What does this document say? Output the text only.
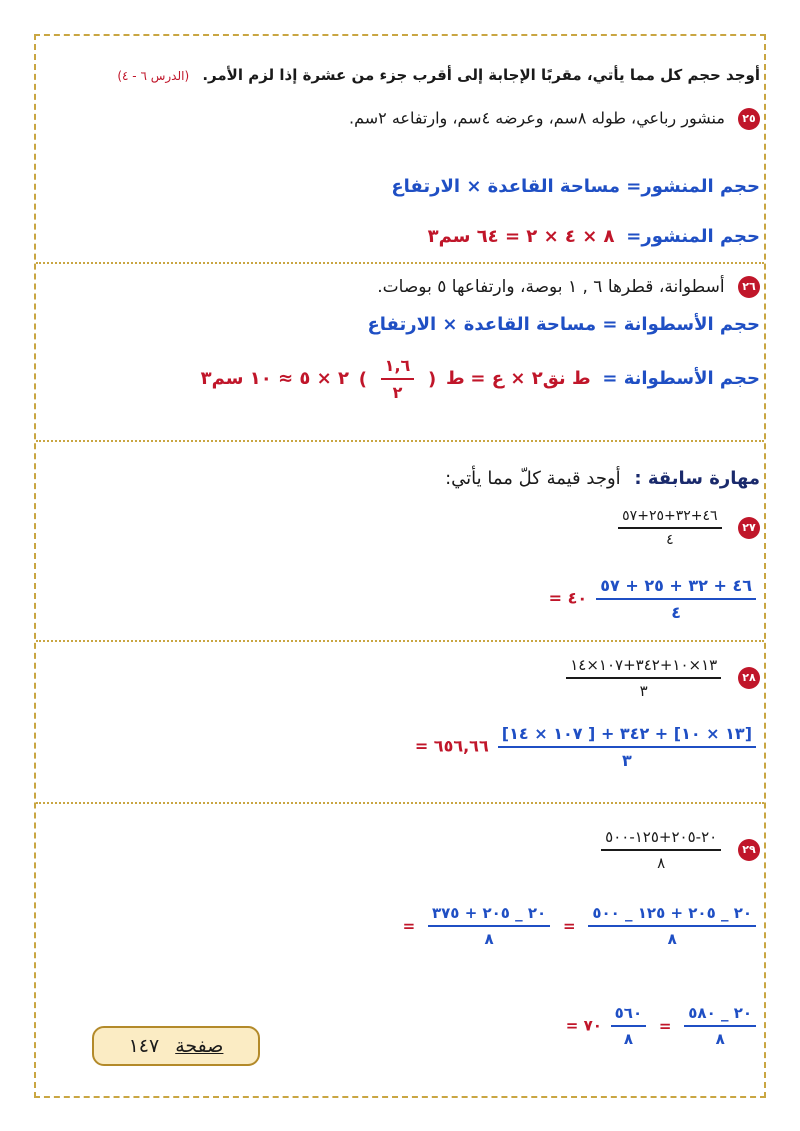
أوجد حجم كل مما يأتي، مقربًا الإجابة إلى أقرب جزء من عشرة إذا لزم الأمر. (الدرس ٦ - ٤)
٢٥ منشور رباعي، طوله ٨سم، وعرضه ٤سم، وارتفاعه ٢سم.
حجم المنشور= مساحة القاعدة × الارتفاع
حجم المنشور= ٨ × ٤ × ٢ = ٦٤ سم٣
٢٦ أسطوانة، قطرها ٦ , ١ بوصة، وارتفاعها ٥ بوصات.
حجم الأسطوانة = مساحة القاعدة × الارتفاع
حجم الأسطوانة = ط نق٢ × ع = ط (
$\frac{١,٦}{٢}$
) ٢ × ٥ ≈ ١٠ سم٣
مهارة سابقة : أوجد قيمة كلّ مما يأتي:
٢٧
$\frac{٤٦+٣٢+٢٥+٥٧}{٤}$
$\frac{٤٦ + ٣٢ + ٢٥ + ٥٧}{٤}$
٤٠ =
٢٨
$\frac{١٣\times ١٠+٣٤٢+١٠٧\times ١٤}{٣}$
$\frac{[١٣ \times ١٠] + ٣٤٢ + [ ١٠٧ \times ١٤]}{٣}$
٦٥٦,٦٦ =
٢٩
$\frac{٢٠-٢٠٥+١٢٥-٥٠٠}{٨}$
$\frac{٢٠ \_ ٢٠٥ + ١٢٥ \_ ٥٠٠}{٨}$
=
$\frac{٢٠ \_ ٢٠٥ + ٣٧٥}{٨}$
=
$\frac{٢٠ \_ ٥٨٠}{٨}$
=
$\frac{٥٦٠}{٨}$
٧٠ =
صفحة ١٤٧
